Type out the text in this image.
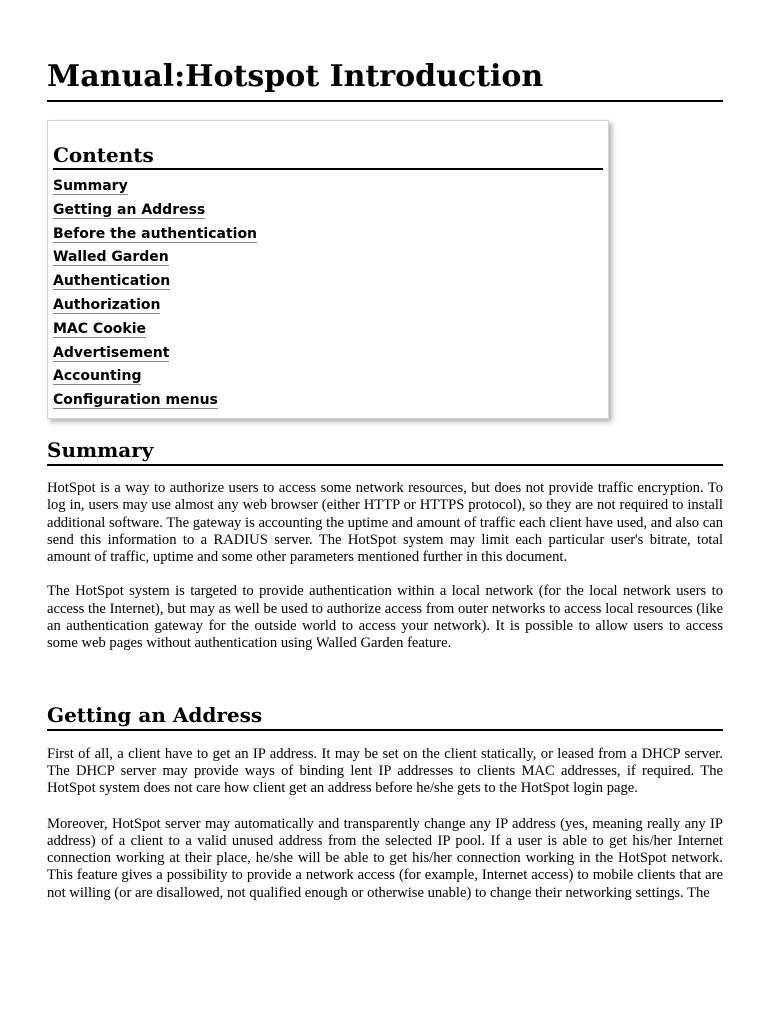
Manual:Hotspot Introduction
Contents
Summary
Getting an Address
Before the authentication
Walled Garden
Authentication
Authorization
MAC Cookie
Advertisement
Accounting
Configuration menus
Summary

HotSpot is a way to authorize users to access some network resources, but does not provide traffic encryption. To log in, users may use almost any web browser (either HTTP or HTTPS protocol), so they are not required to install additional software. The gateway is accounting the uptime and amount of traffic each client have used, and also can send this information to a RADIUS server. The HotSpot system may limit each particular user's bitrate, total amount of traffic, uptime and some other parameters mentioned further in this document.

The HotSpot system is targeted to provide authentication within a local network (for the local network users to access the Internet), but may as well be used to authorize access from outer networks to access local resources (like an authentication gateway for the outside world to access your network). It is possible to allow users to access some web pages without authentication using Walled Garden feature.

Getting an Address

First of all, a client have to get an IP address. It may be set on the client statically, or leased from a DHCP server. The DHCP server may provide ways of binding lent IP addresses to clients MAC addresses, if required. The HotSpot system does not care how client get an address before he/she gets to the HotSpot login page.

Moreover, HotSpot server may automatically and transparently change any IP address (yes, meaning really any IP address) of a client to a valid unused address from the selected IP pool. If a user is able to get his/her Internet connection working at their place, he/she will be able to get his/her connection working in the HotSpot network. This feature gives a possibility to provide a network access (for example, Internet access) to mobile clients that are not willing (or are disallowed, not qualified enough or otherwise unable) to change their networking settings. The
